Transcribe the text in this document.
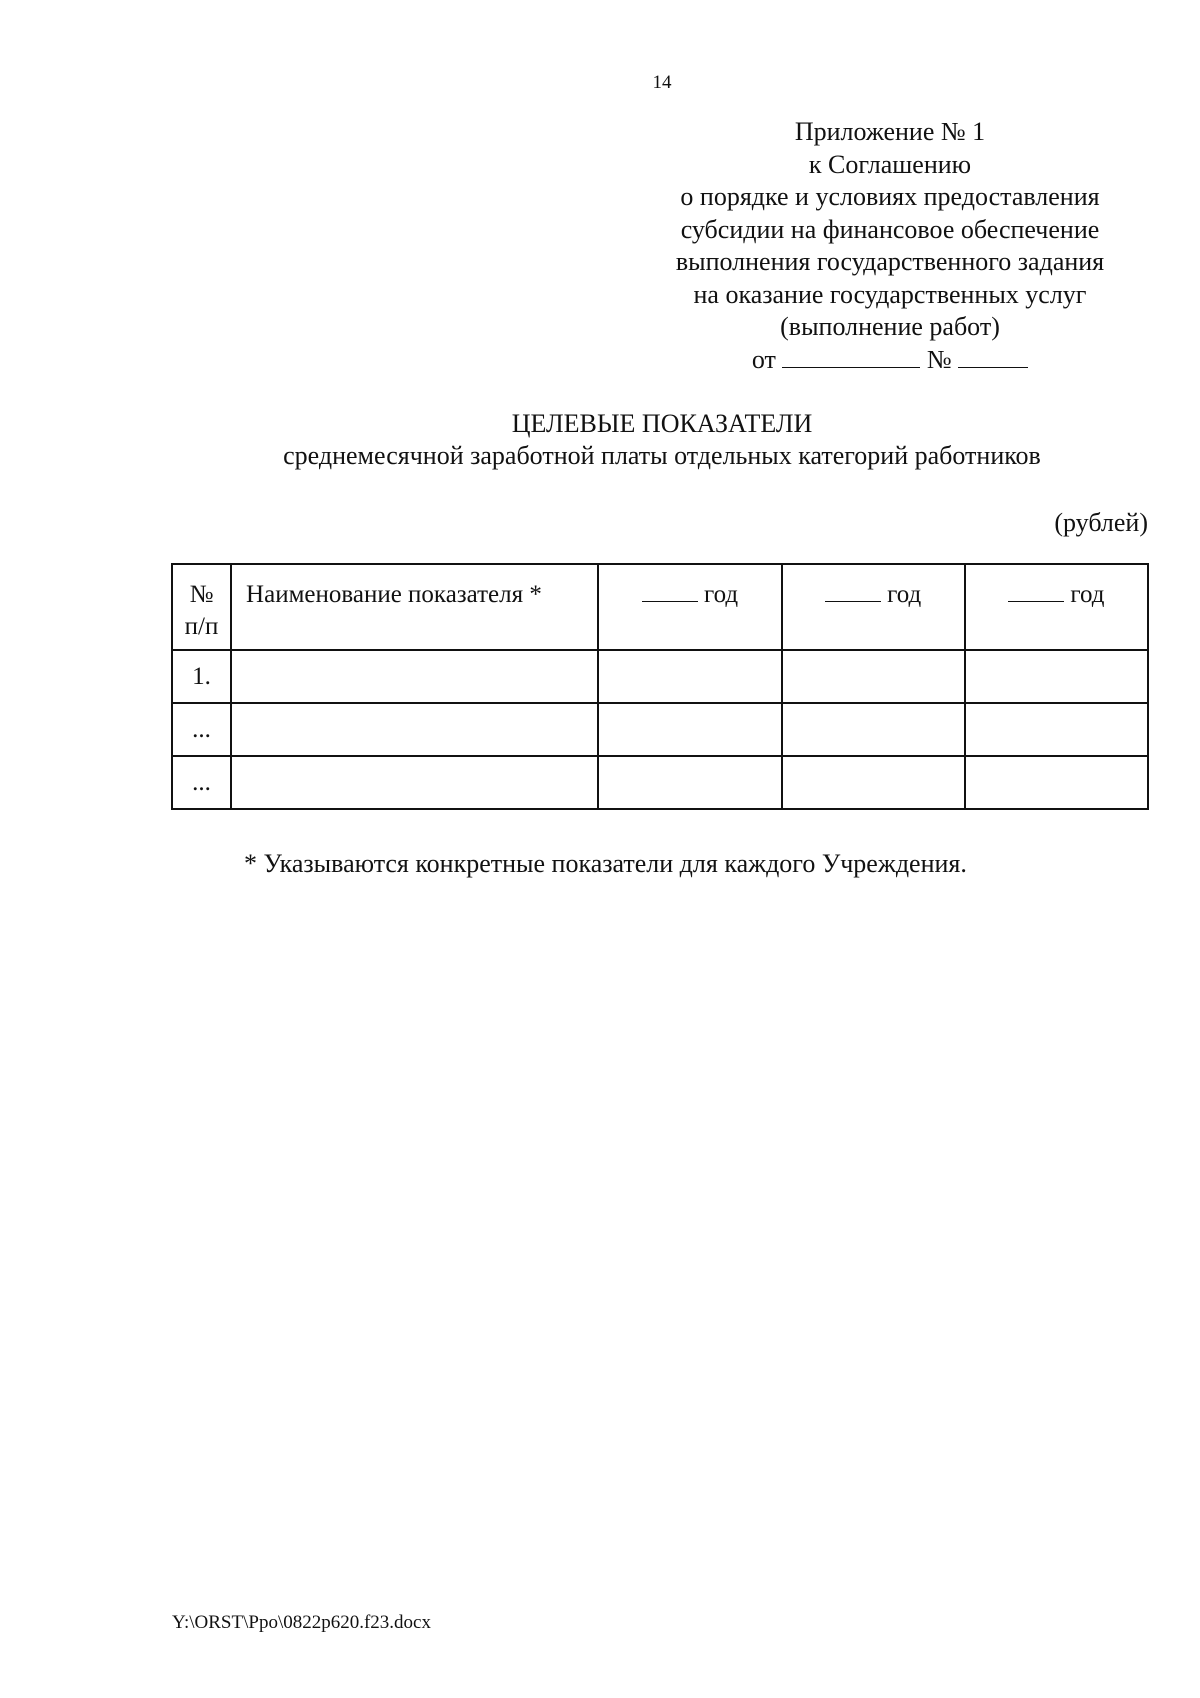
14
Приложение № 1
к Соглашению
о порядке и условиях предоставления
субсидии на финансовое обеспечение
выполнения государственного задания
на оказание государственных услуг
(выполнение работ)
от	№
ЦЕЛЕВЫЕ ПОКАЗАТЕЛИ
среднемесячной заработной платы отдельных категорий работников
(рублей)
№
п/п	Наименование показателя *	год	год	год
1.				
...				
...				
* Указываются конкретные показатели для каждого Учреждения.
Y:\ORST\Ppo\0822p620.f23.docx
